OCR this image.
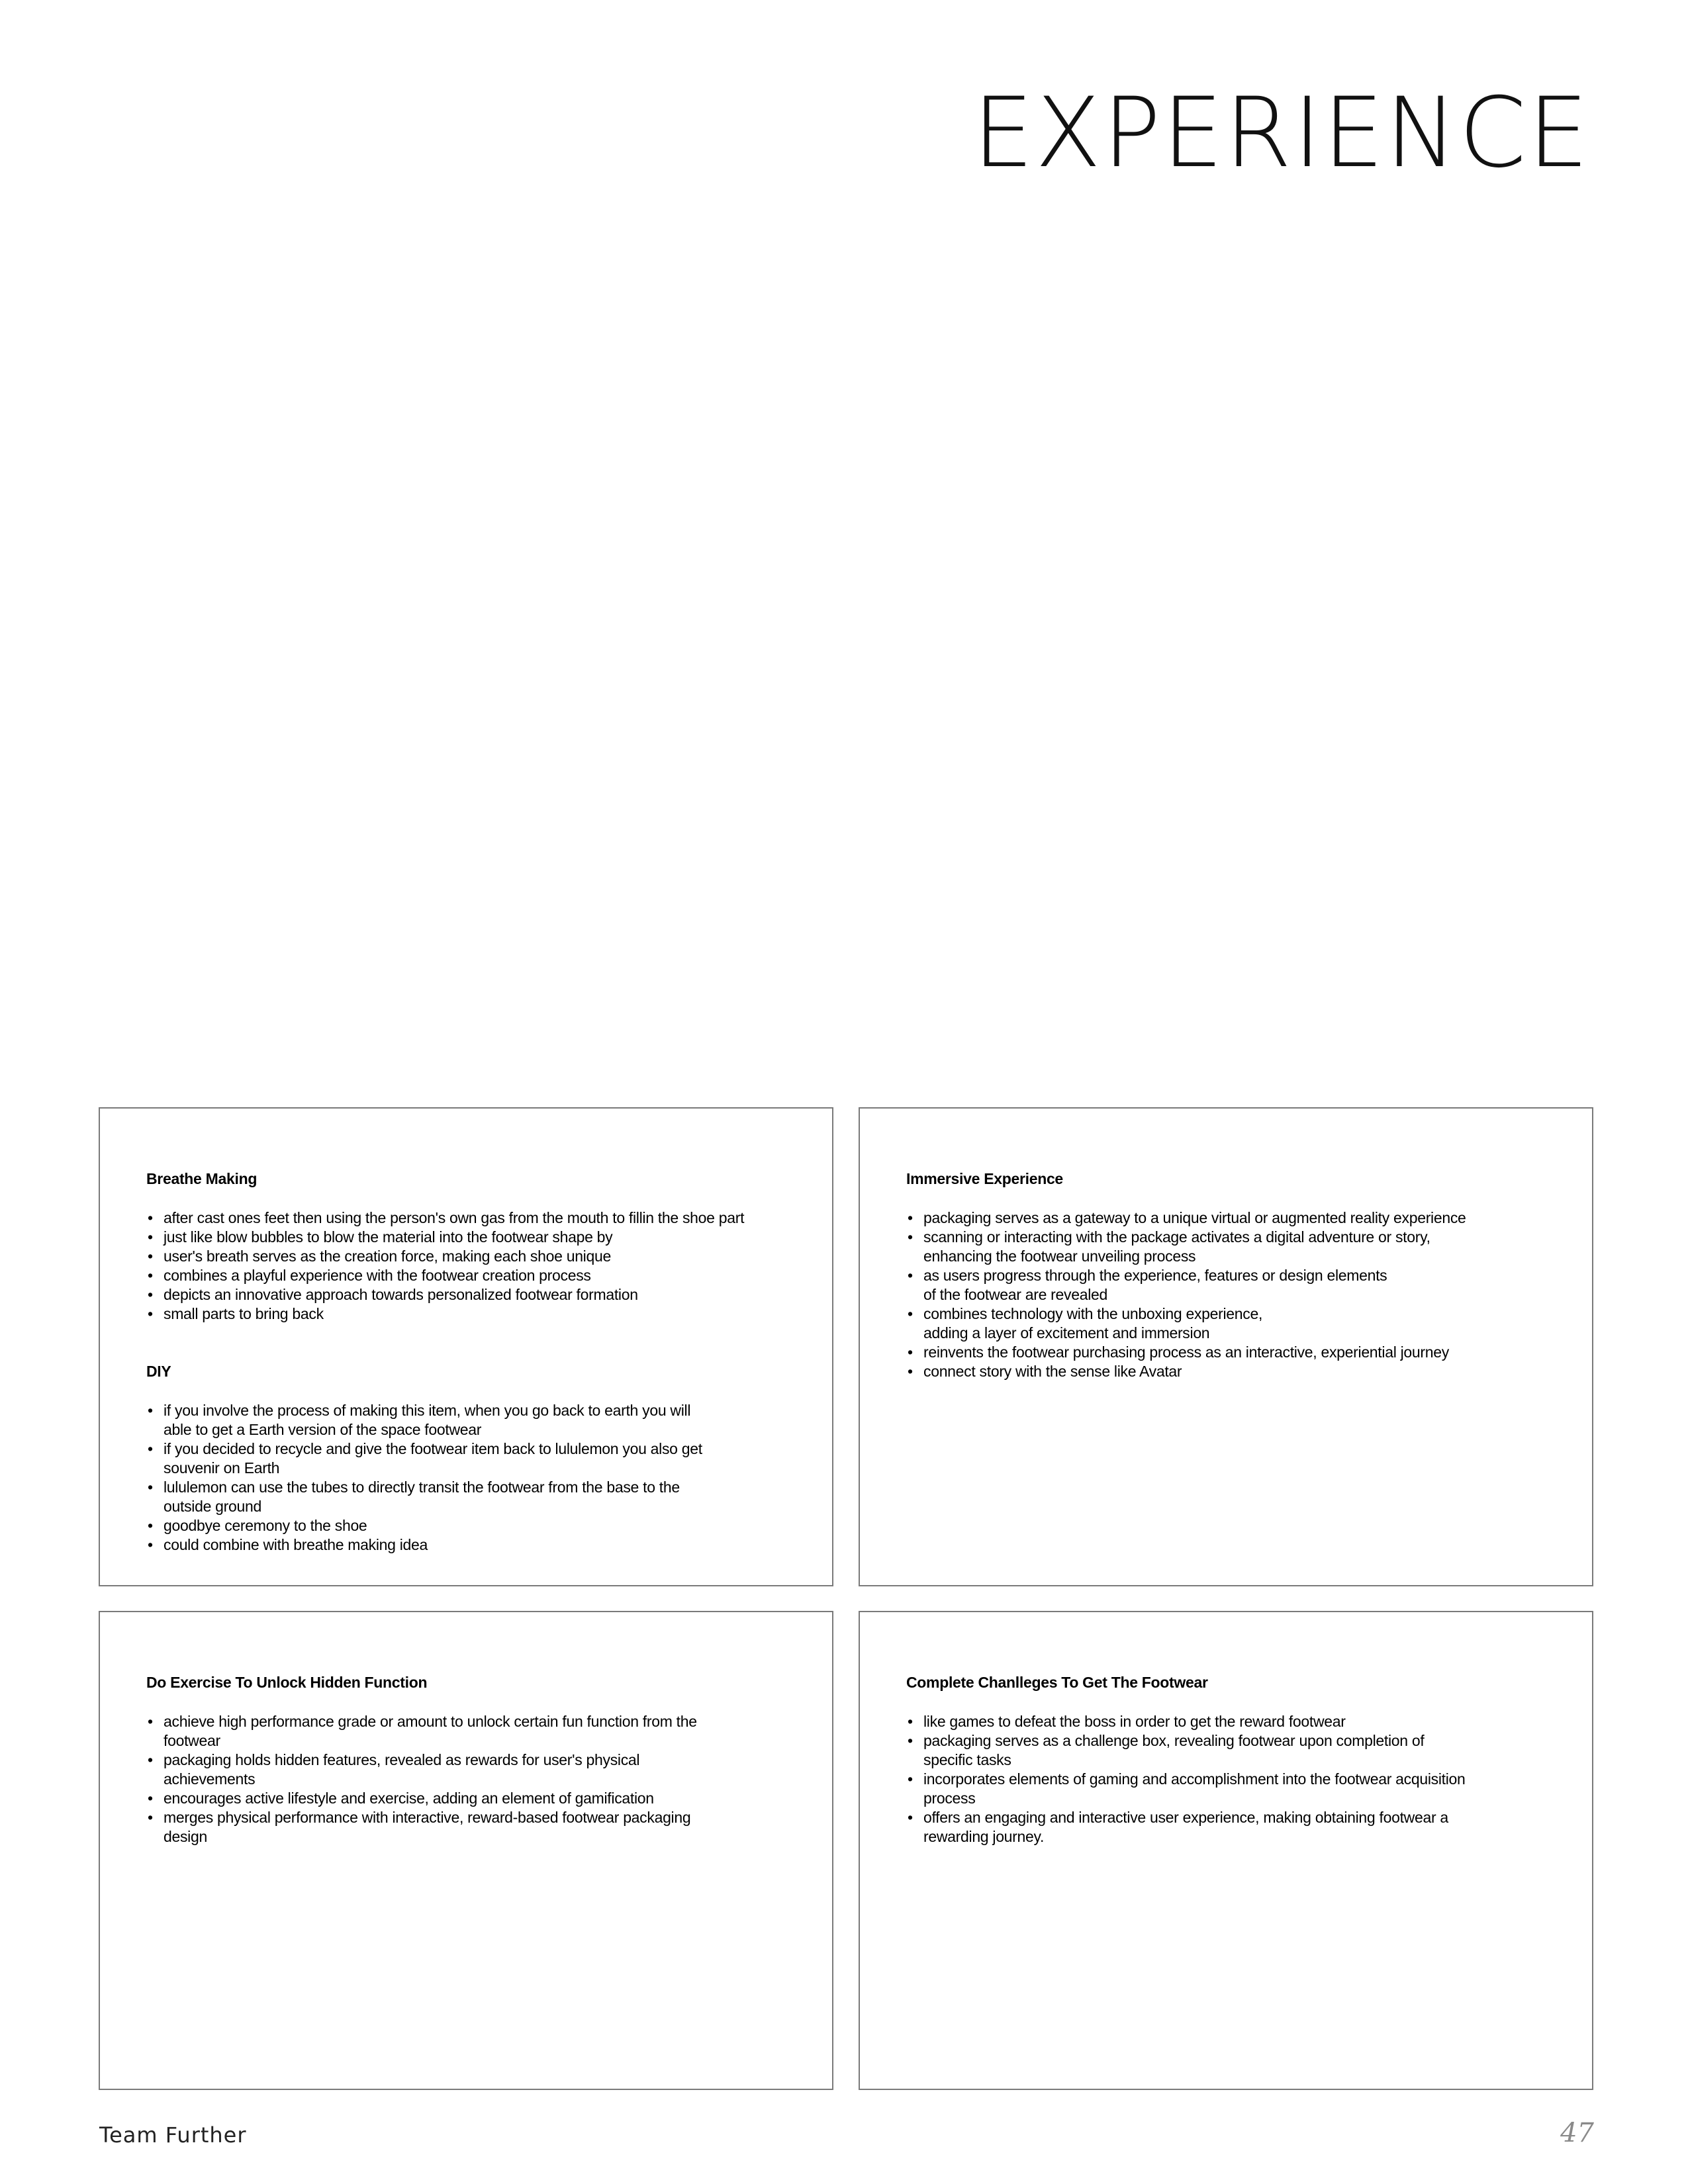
EXPERIENCE
Breathe Making
• after cast ones feet then using the person's own gas from the mouth to fillin the shoe part
• just like blow bubbles to blow the material into the footwear shape by
• user's breath serves as the creation force, making each shoe unique
• combines a playful experience with the footwear creation process
• depicts an innovative approach towards personalized footwear formation
• small parts to bring back
DIY
• if you involve the process of making this item, when you go back to earth you will
able to get a Earth version of the space footwear
• if you decided to recycle and give the footwear item back to lululemon you also get
souvenir on Earth
• lululemon can use the tubes to directly transit the footwear from the base to the
outside ground
• goodbye ceremony to the shoe
• could combine with breathe making idea
Immersive Experience
• packaging serves as a gateway to a unique virtual or augmented reality experience
• scanning or interacting with the package activates a digital adventure or story,
enhancing the footwear unveiling process
• as users progress through the experience, features or design elements
of the footwear are revealed
• combines technology with the unboxing experience,
adding a layer of excitement and immersion
• reinvents the footwear purchasing process as an interactive, experiential journey
• connect story with the sense like Avatar
Do Exercise To Unlock Hidden Function
• achieve high performance grade or amount to unlock certain fun function from the
footwear
• packaging holds hidden features, revealed as rewards for user's physical
achievements
• encourages active lifestyle and exercise, adding an element of gamification
• merges physical performance with interactive, reward-based footwear packaging
design
Complete Chanlleges To Get The Footwear
• like games to defeat the boss in order to get the reward footwear
• packaging serves as a challenge box, revealing footwear upon completion of
specific tasks
• incorporates elements of gaming and accomplishment into the footwear acquisition
process
• offers an engaging and interactive user experience, making obtaining footwear a
rewarding journey.
Team Further	47
